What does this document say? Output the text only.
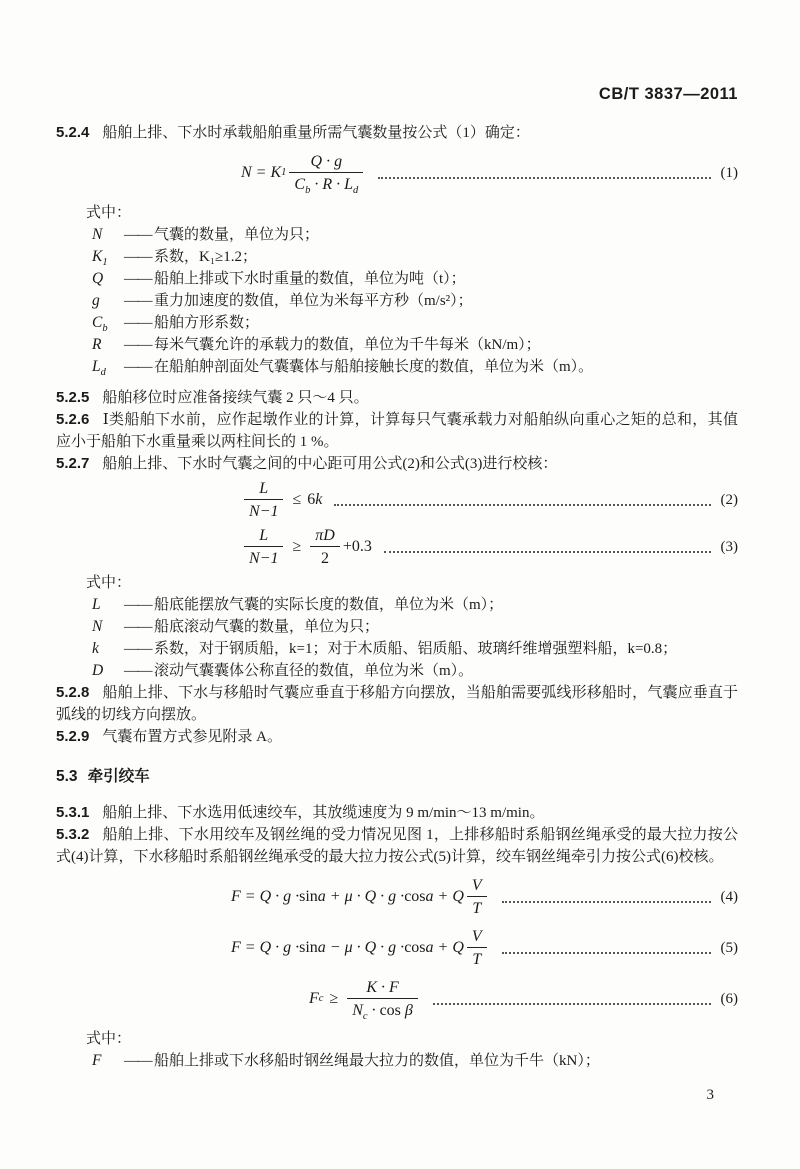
CB/T 3837—2011

5.2.4 船舶上排、下水时承载船舶重量所需气囊数量按公式（1）确定：

N = K $1 \frac{Q \cdot g}{C_b \cdot R \cdot L_d}$	(1)

式中：

N	—— 气囊的数量，单位为只；
$K_1$	—— 系数，K₁≥1.2；
Q	—— 船舶上排或下水时重量的数值，单位为吨（t）；
g	—— 重力加速度的数值，单位为米每平方秒（m/s²）；
$C_b$	—— 船舶方形系数；
R	—— 每米气囊允许的承载力的数值，单位为千牛每米（kN/m）；
$L_d$	—— 在船舶舯剖面处气囊囊体与船舶接触长度的数值，单位为米（m）。

5.2.5 船舶移位时应准备接续气囊 2 只～4 只。

5.2.6 Ⅰ类船舶下水前，应作起墩作业的计算，计算每只气囊承载力对船舶纵向重心之矩的总和，其值应小于船舶下水重量乘以两柱间长的 1 %。

5.2.7 船舶上排、下水时气囊之间的中心距可用公式(2)和公式(3)进行校核：

$\frac{L}{N-1} \le 6$ k	(2)
$\frac{L}{N-1} \ge \frac{\pi D}{2} +0.3$	(3)

式中：

L	—— 船底能摆放气囊的实际长度的数值，单位为米（m）；
N	—— 船底滚动气囊的数量，单位为只；
k	—— 系数，对于钢质船，k=1；对于木质船、铝质船、玻璃纤维增强塑料船，k=0.8；
D	—— 滚动气囊囊体公称直径的数值，单位为米（m）。

5.2.8 船舶上排、下水与移船时气囊应垂直于移船方向摆放，当船舶需要弧线形移船时，气囊应垂直于弧线的切线方向摆放。

5.2.9 气囊布置方式参见附录 A。

5.3 牵引绞车

5.3.1 船舶上排、下水选用低速绞车，其放缆速度为 9 m/min～13 m/min。

5.3.2 船舶上排、下水用绞车及钢丝绳的受力情况见图 1，上排移船时系船钢丝绳承受的最大拉力按公式(4)计算，下水移船时系船钢丝绳承受的最大拉力按公式(5)计算，绞车钢丝绳牵引力按公式(6)校核。

F = Q · g · sin a + μ · Q · g · cos a + Q $\frac{V}{T}$	(4)
F = Q · g · sin a − μ · Q · g · cos a + Q $\frac{V}{T}$	(5)
F $c \ge \frac{K \cdot F}{N_c \cdot \cos \beta}$	(6)

式中：

F	—— 船舶上排或下水移船时钢丝绳最大拉力的数值，单位为千牛（kN）；
3
